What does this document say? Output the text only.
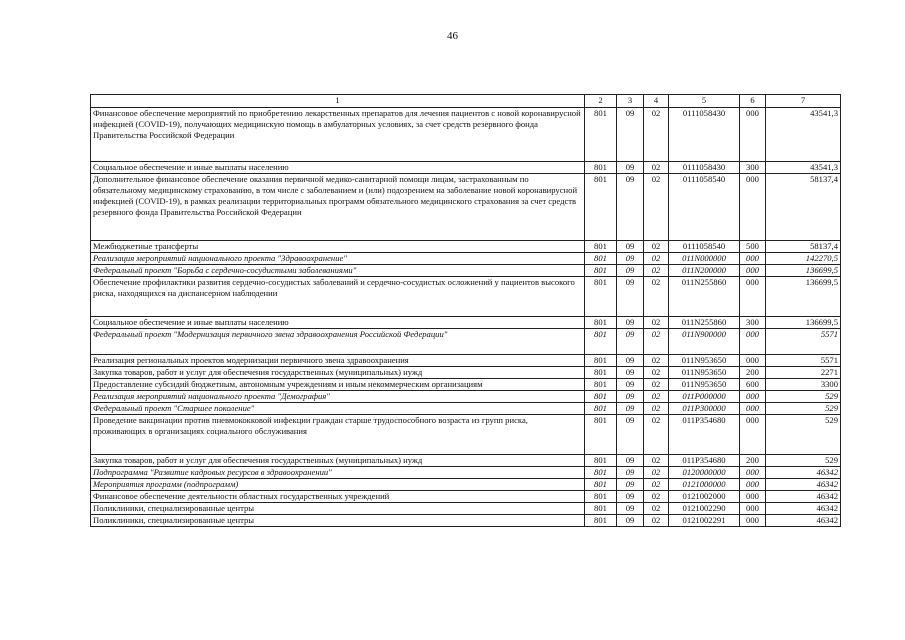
46
1	2	3	4	5	6	7
Финансовое обеспечение мероприятий по приобретению лекарственных препаратов для лечения пациентов с новой коронавирусной инфекцией (COVID-19), получающих медицинскую помощь в амбулаторных условиях, за счет средств резервного фонда Правительства Российской Федерации	801	09	02	0111058430	000	43541,3
Социальное обеспечение и иные выплаты населению	801	09	02	0111058430	300	43541,3
Дополнительное финансовое обеспечение оказания первичной медико-санитарной помощи лицам, застрахованным по обязательному медицинскому страхованию, в том числе с заболеванием и (или) подозрением на заболевание новой коронавирусной инфекцией (COVID-19), в рамках реализации территориальных программ обязательного медицинского страхования за счет средств резервного фонда Правительства Российской Федерации	801	09	02	0111058540	000	58137,4
Межбюджетные трансферты	801	09	02	0111058540	500	58137,4
Реализация мероприятий национального проекта "Здравоохранение"	801	09	02	011N000000	000	142270,5
Федеральный проект "Борьба с сердечно-сосудистыми заболеваниями"	801	09	02	011N200000	000	136699,5
Обеспечение профилактики развития сердечно-сосудистых заболеваний и сердечно-сосудистых осложнений у пациентов высокого риска, находящихся на диспансерном наблюдении	801	09	02	011N255860	000	136699,5
Социальное обеспечение и иные выплаты населению	801	09	02	011N255860	300	136699,5
Федеральный проект "Модернизация первичного звена здравоохранения Российской Федерации"	801	09	02	011N900000	000	5571
Реализация региональных проектов модернизации первичного звена здравоохранения	801	09	02	011N953650	000	5571
Закупка товаров, работ и услуг для обеспечения государственных (муниципальных) нужд	801	09	02	011N953650	200	2271
Предоставление субсидий бюджетным, автономным учреждениям и иным некоммерческим организациям	801	09	02	011N953650	600	3300
Реализация мероприятий национального проекта "Демография"	801	09	02	011P000000	000	529
Федеральный проект "Старшее поколение"	801	09	02	011P300000	000	529
Проведение вакцинации против пневмококковой инфекции граждан старше трудоспособного возраста из групп риска, проживающих в организациях социального обслуживания	801	09	02	011P354680	000	529
Закупка товаров, работ и услуг для обеспечения государственных (муниципальных) нужд	801	09	02	011P354680	200	529
Подпрограмма "Развитие кадровых ресурсов в здравоохранении"	801	09	02	0120000000	000	46342
Мероприятия программ (подпрограмм)	801	09	02	0121000000	000	46342
Финансовое обеспечение деятельности областных государственных учреждений	801	09	02	0121002000	000	46342
Поликлиники, специализированные центры	801	09	02	0121002290	000	46342
Поликлиники, специализированные центры	801	09	02	0121002291	000	46342
